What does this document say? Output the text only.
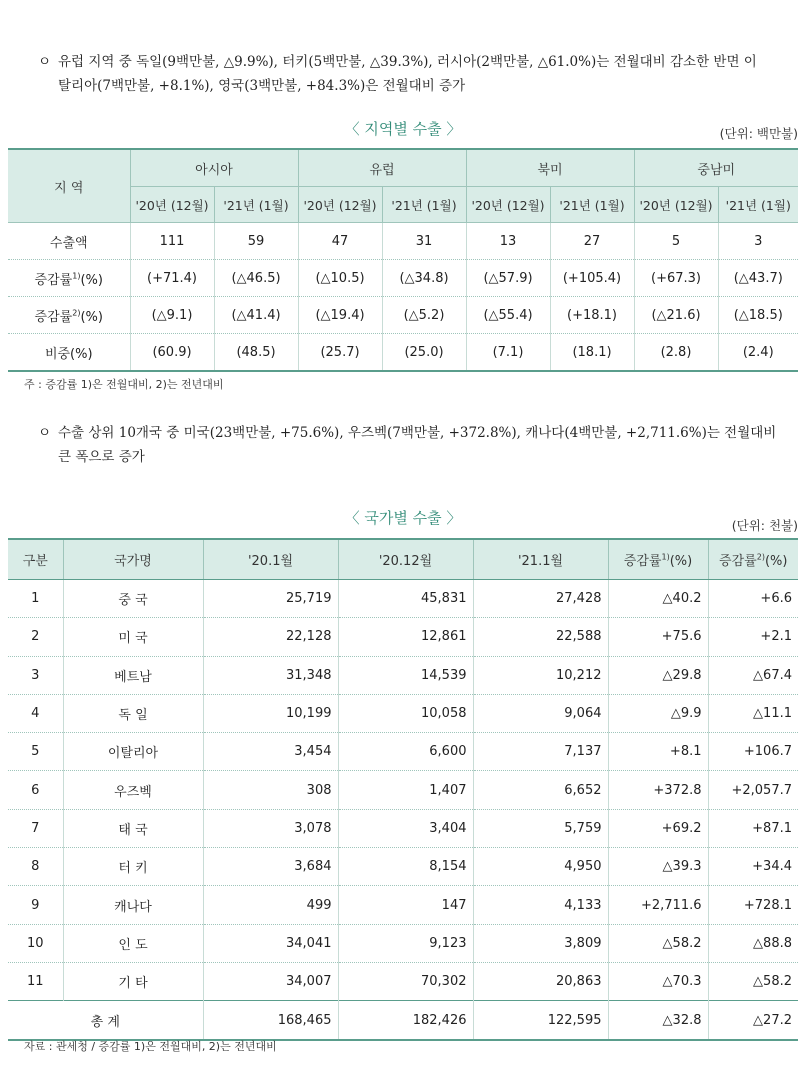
ㅇ 유럽 지역 중 독일(9백만불, △9.9%), 터키(5백만불, △39.3%), 러시아(2백만불, △61.0%)는 전월대비 감소한 반면 이
탈리아(7백만불, +8.1%), 영국(3백만불, +84.3%)은 전월대비 증가
〈 지역별 수출 〉	(단위: 백만불)
지 역	아시아		유럽		북미		중남미	
	'20년 (12월)	'21년 (1월)	'20년 (12월)	'21년 (1월)	'20년 (12월)	'21년 (1월)	'20년 (12월)	'21년 (1월)
수출액	111	59	47	31	13	27	5	3
증감률$^{1)}$(%)	(+71.4)	(△46.5)	(△10.5)	(△34.8)	(△57.9)	(+105.4)	(+67.3)	(△43.7)
증감률$^{2)}$(%)	(△9.1)	(△41.4)	(△19.4)	(△5.2)	(△55.4)	(+18.1)	(△21.6)	(△18.5)
비중(%)	(60.9)	(48.5)	(25.7)	(25.0)	(7.1)	(18.1)	(2.8)	(2.4)
주 : 증감률 1)은 전월대비, 2)는 전년대비
ㅇ 수출 상위 10개국 중 미국(23백만불, +75.6%), 우즈벡(7백만불, +372.8%), 캐나다(4백만불, +2,711.6%)는 전월대비
큰 폭으로 증가
〈 국가별 수출 〉	(단위: 천불)
구분	국가명	'20.1월	'20.12월	'21.1월	증감률$^{1)}$(%)	증감률$^{2)}$(%)
1	중 국	25,719	45,831	27,428	△40.2	+6.6
2	미 국	22,128	12,861	22,588	+75.6	+2.1
3	베트남	31,348	14,539	10,212	△29.8	△67.4
4	독 일	10,199	10,058	9,064	△9.9	△11.1
5	이탈리아	3,454	6,600	7,137	+8.1	+106.7
6	우즈벡	308	1,407	6,652	+372.8	+2,057.7
7	태 국	3,078	3,404	5,759	+69.2	+87.1
8	터 키	3,684	8,154	4,950	△39.3	+34.4
9	캐나다	499	147	4,133	+2,711.6	+728.1
10	인 도	34,041	9,123	3,809	△58.2	△88.8
11	기 타	34,007	70,302	20,863	△70.3	△58.2
총 계		168,465	182,426	122,595	△32.8	△27.2
자료 : 관세청 / 증감률 1)은 전월대비, 2)는 전년대비
